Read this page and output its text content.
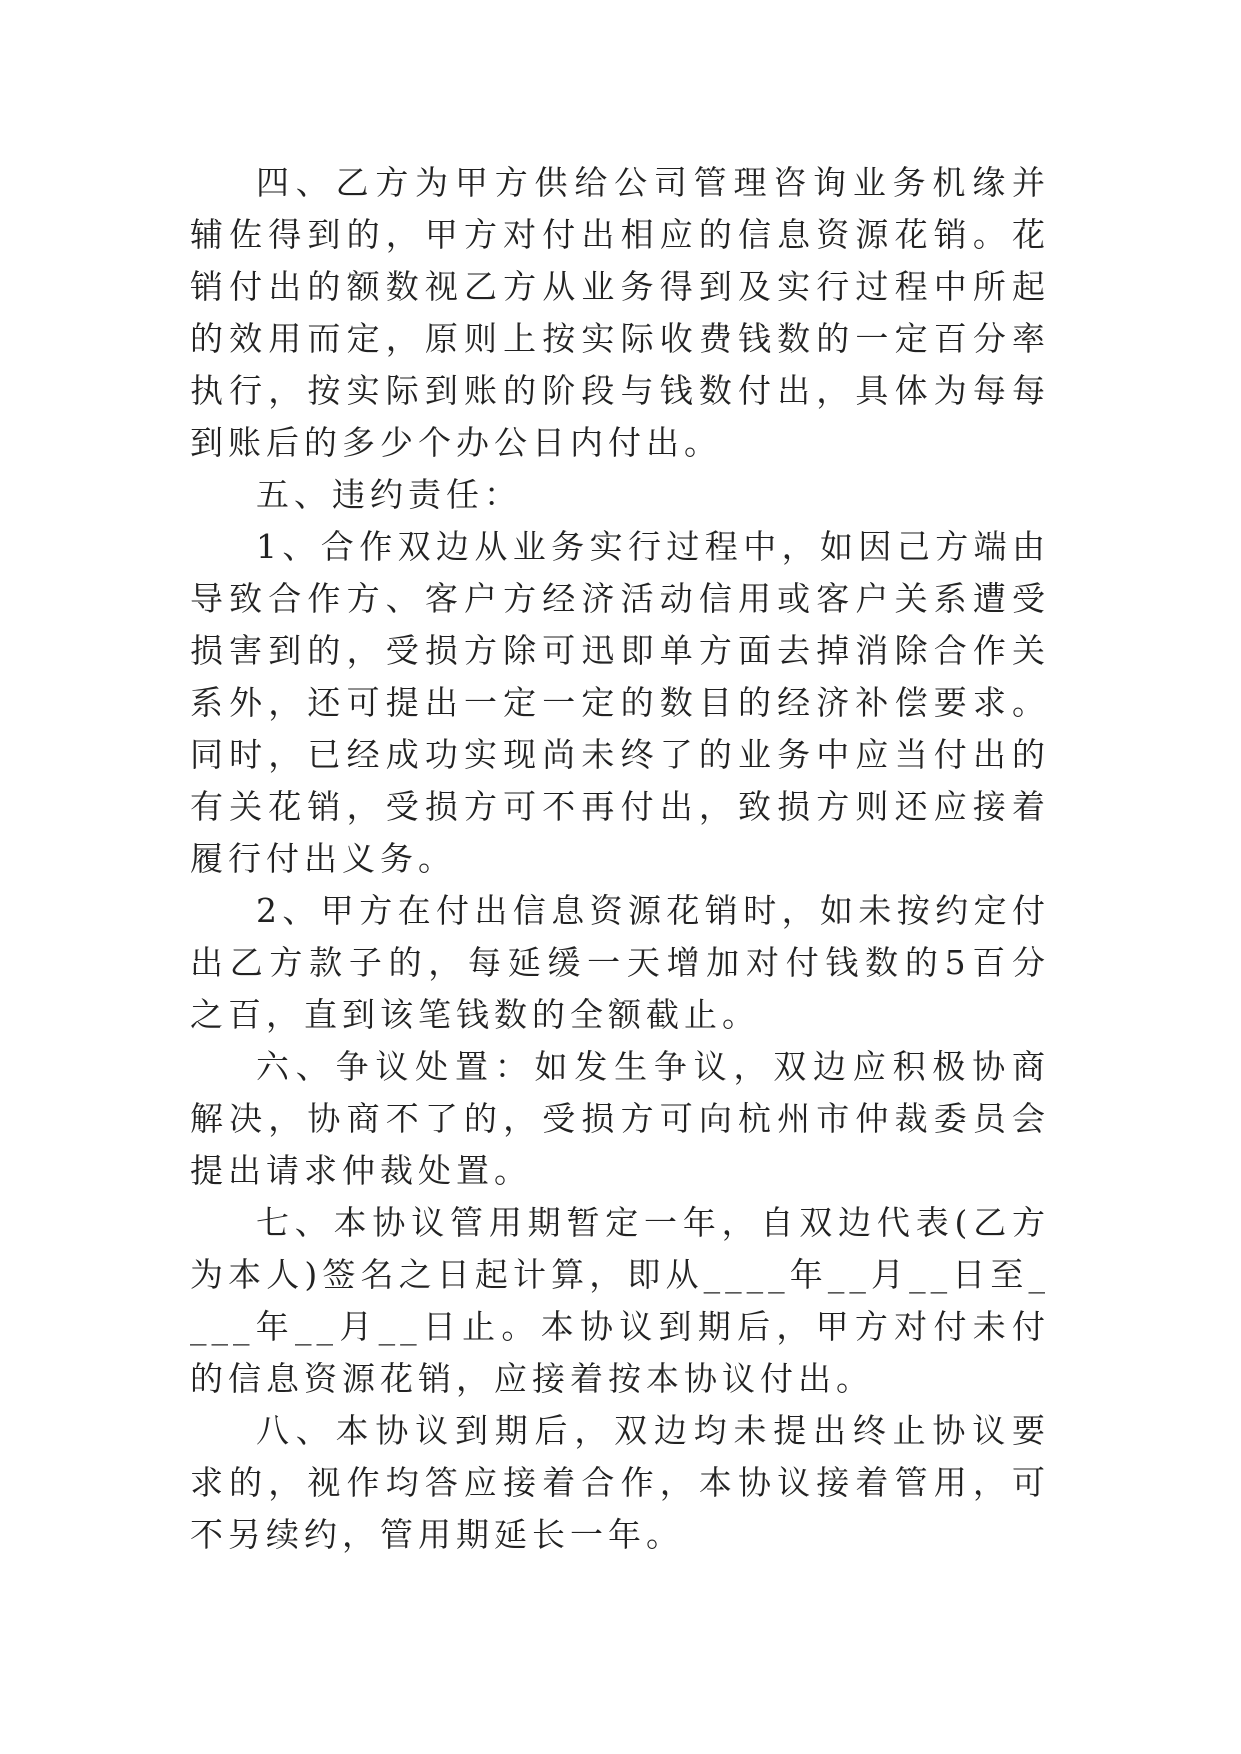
四、乙方为甲方供给公司管理咨询业务机缘并辅佐得到的，甲方对付出相应的信息资源花销。花销付出的额数视乙方从业务得到及实行过程中所起的效用而定，原则上按实际收费钱数的一定百分率执行，按实际到账的阶段与钱数付出，具体为每每到账后的多少个办公日内付出。

五、违约责任：

1、合作双边从业务实行过程中，如因己方端由导致合作方、客户方经济活动信用或客户关系遭受损害到的，受损方除可迅即单方面去掉消除合作关系外，还可提出一定一定的数目的经济补偿要求。同时，已经成功实现尚未终了的业务中应当付出的有关花销，受损方可不再付出，致损方则还应接着履行付出义务。

2、甲方在付出信息资源花销时，如未按约定付出乙方款子的，每延缓一天增加对付钱数的5百分之百，直到该笔钱数的全额截止。

六、争议处置：如发生争议，双边应积极协商解决，协商不了的，受损方可向杭州市仲裁委员会提出请求仲裁处置。

七、本协议管用期暂定一年，自双边代表(乙方为本人)签名之日起计算，即从____年__月__日至____年__月__日止。本协议到期后，甲方对付未付的信息资源花销，应接着按本协议付出。

八、本协议到期后，双边均未提出终止协议要求的，视作均答应接着合作，本协议接着管用，可不另续约，管用期延长一年。
